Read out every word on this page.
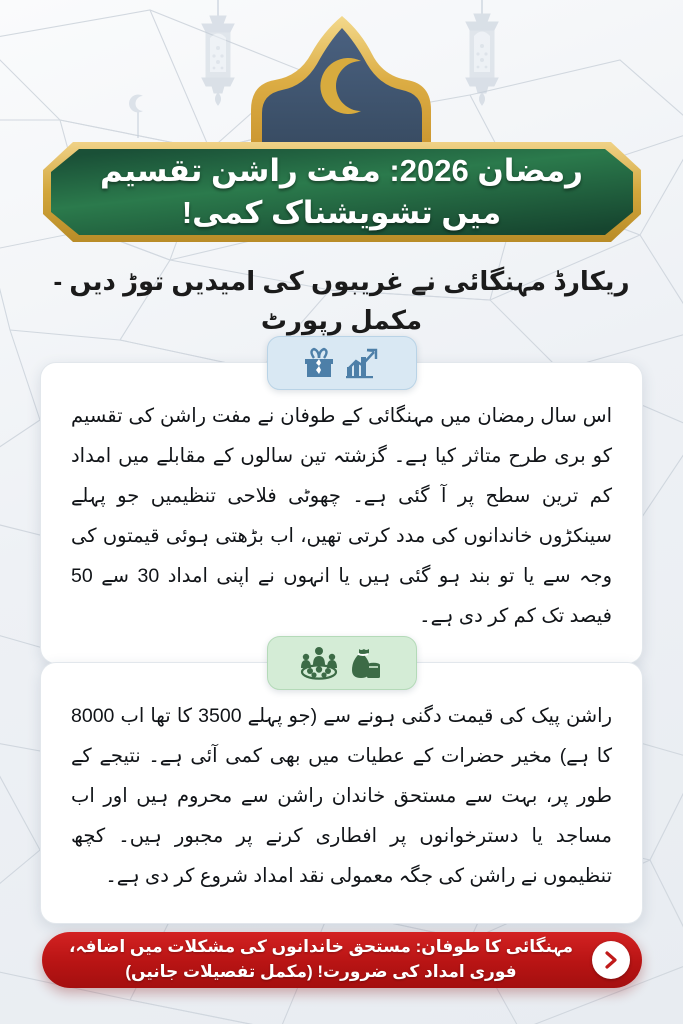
رمضان 2026: مفت راشن تقسیم میں تشویشناک کمی!
ریکارڈ مہنگائی نے غریبوں کی امیدیں توڑ دیں - مکمل رپورٹ

اس سال رمضان میں مہنگائی کے طوفان نے مفت راشن کی تقسیم کو بری طرح متاثر کیا ہے۔ گزشتہ تین سالوں کے مقابلے میں امداد کم ترین سطح پر آ گئی ہے۔ چھوٹی فلاحی تنظیمیں جو پہلے سینکڑوں خاندانوں کی مدد کرتی تھیں، اب بڑھتی ہوئی قیمتوں کی وجہ سے یا تو بند ہو گئی ہیں یا انہوں نے اپنی امداد 30 سے 50 فیصد تک کم کر دی ہے۔

راشن پیک کی قیمت دگنی ہونے سے (جو پہلے 3500 کا تھا اب 8000 کا ہے) مخیر حضرات کے عطیات میں بھی کمی آئی ہے۔ نتیجے کے طور پر، بہت سے مستحق خاندان راشن سے محروم ہیں اور اب مساجد یا دسترخوانوں پر افطاری کرنے پر مجبور ہیں۔ کچھ تنظیموں نے راشن کی جگہ معمولی نقد امداد شروع کر دی ہے۔

مہنگائی کا طوفان: مستحق خاندانوں کی مشکلات میں اضافہ، فوری امداد کی ضرورت! (مکمل تفصیلات جانیں)
